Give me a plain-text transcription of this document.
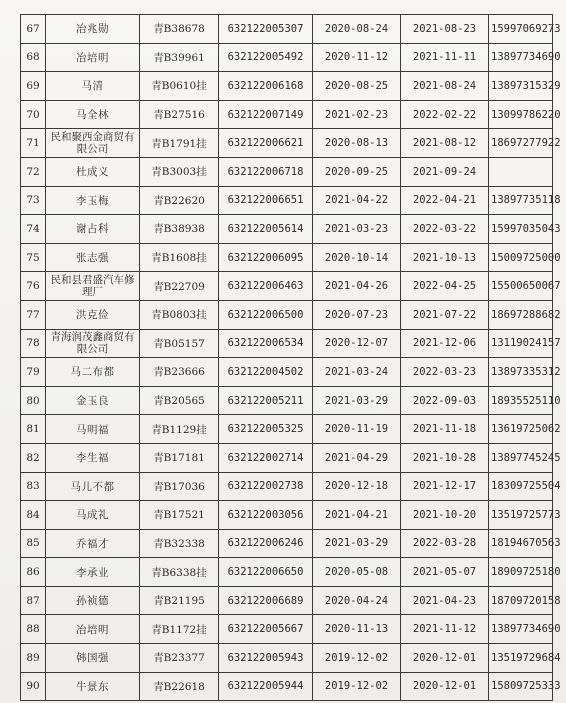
67	冶兆勋	青B38678	632122005307	2020-08-24	2021-08-23	15997069273
68	冶培明	青B39961	632122005492	2020-11-12	2021-11-11	13897734690
69	马清	青B0610挂	632122006168	2020-08-25	2021-08-24	13897315329
70	马全林	青B27516	632122007149	2021-02-23	2022-02-22	13099786220
71	民和聚西金商贸有限公司	青B1791挂	632122006621	2020-08-13	2021-08-12	18697277922
72	杜成义	青B3003挂	632122006718	2020-09-25	2021-09-24	
73	李玉梅	青B22620	632122006651	2021-04-22	2022-04-21	13897735118
74	谢占科	青B38938	632122005614	2021-03-23	2022-03-22	15997035043
75	张志强	青B1608挂	632122006095	2020-10-14	2021-10-13	15009725000
76	民和县君盛汽车修理厂	青B22709	632122006463	2021-04-26	2022-04-25	15500650067
77	洪克俭	青B0803挂	632122006500	2020-07-23	2021-07-22	18697288682
78	青海润茂鑫商贸有限公司	青B05157	632122006534	2020-12-07	2021-12-06	13119024157
79	马二布都	青B23666	632122004502	2021-03-24	2022-03-23	13897335312
80	金玉良	青B20565	632122005211	2021-03-29	2022-09-03	18935525110
81	马明福	青B1129挂	632122005325	2020-11-19	2021-11-18	13619725062
82	李生福	青B17181	632122002714	2021-04-29	2021-10-28	13897745245
83	马儿不都	青B17036	632122002738	2020-12-18	2021-12-17	18309725504
84	马成礼	青B17521	632122003056	2021-04-21	2021-10-20	13519725773
85	乔福才	青B32338	632122006246	2021-03-29	2022-03-28	18194670563
86	李承业	青B6338挂	632122006650	2020-05-08	2021-05-07	18909725180
87	孙祯德	青B21195	632122006689	2020-04-24	2021-04-23	18709720158
88	冶培明	青B1172挂	632122005667	2020-11-13	2021-11-12	13897734690
89	韩国强	青B23377	632122005943	2019-12-02	2020-12-01	13519729684
90	牛景东	青B22618	632122005944	2019-12-02	2020-12-01	15809725333
